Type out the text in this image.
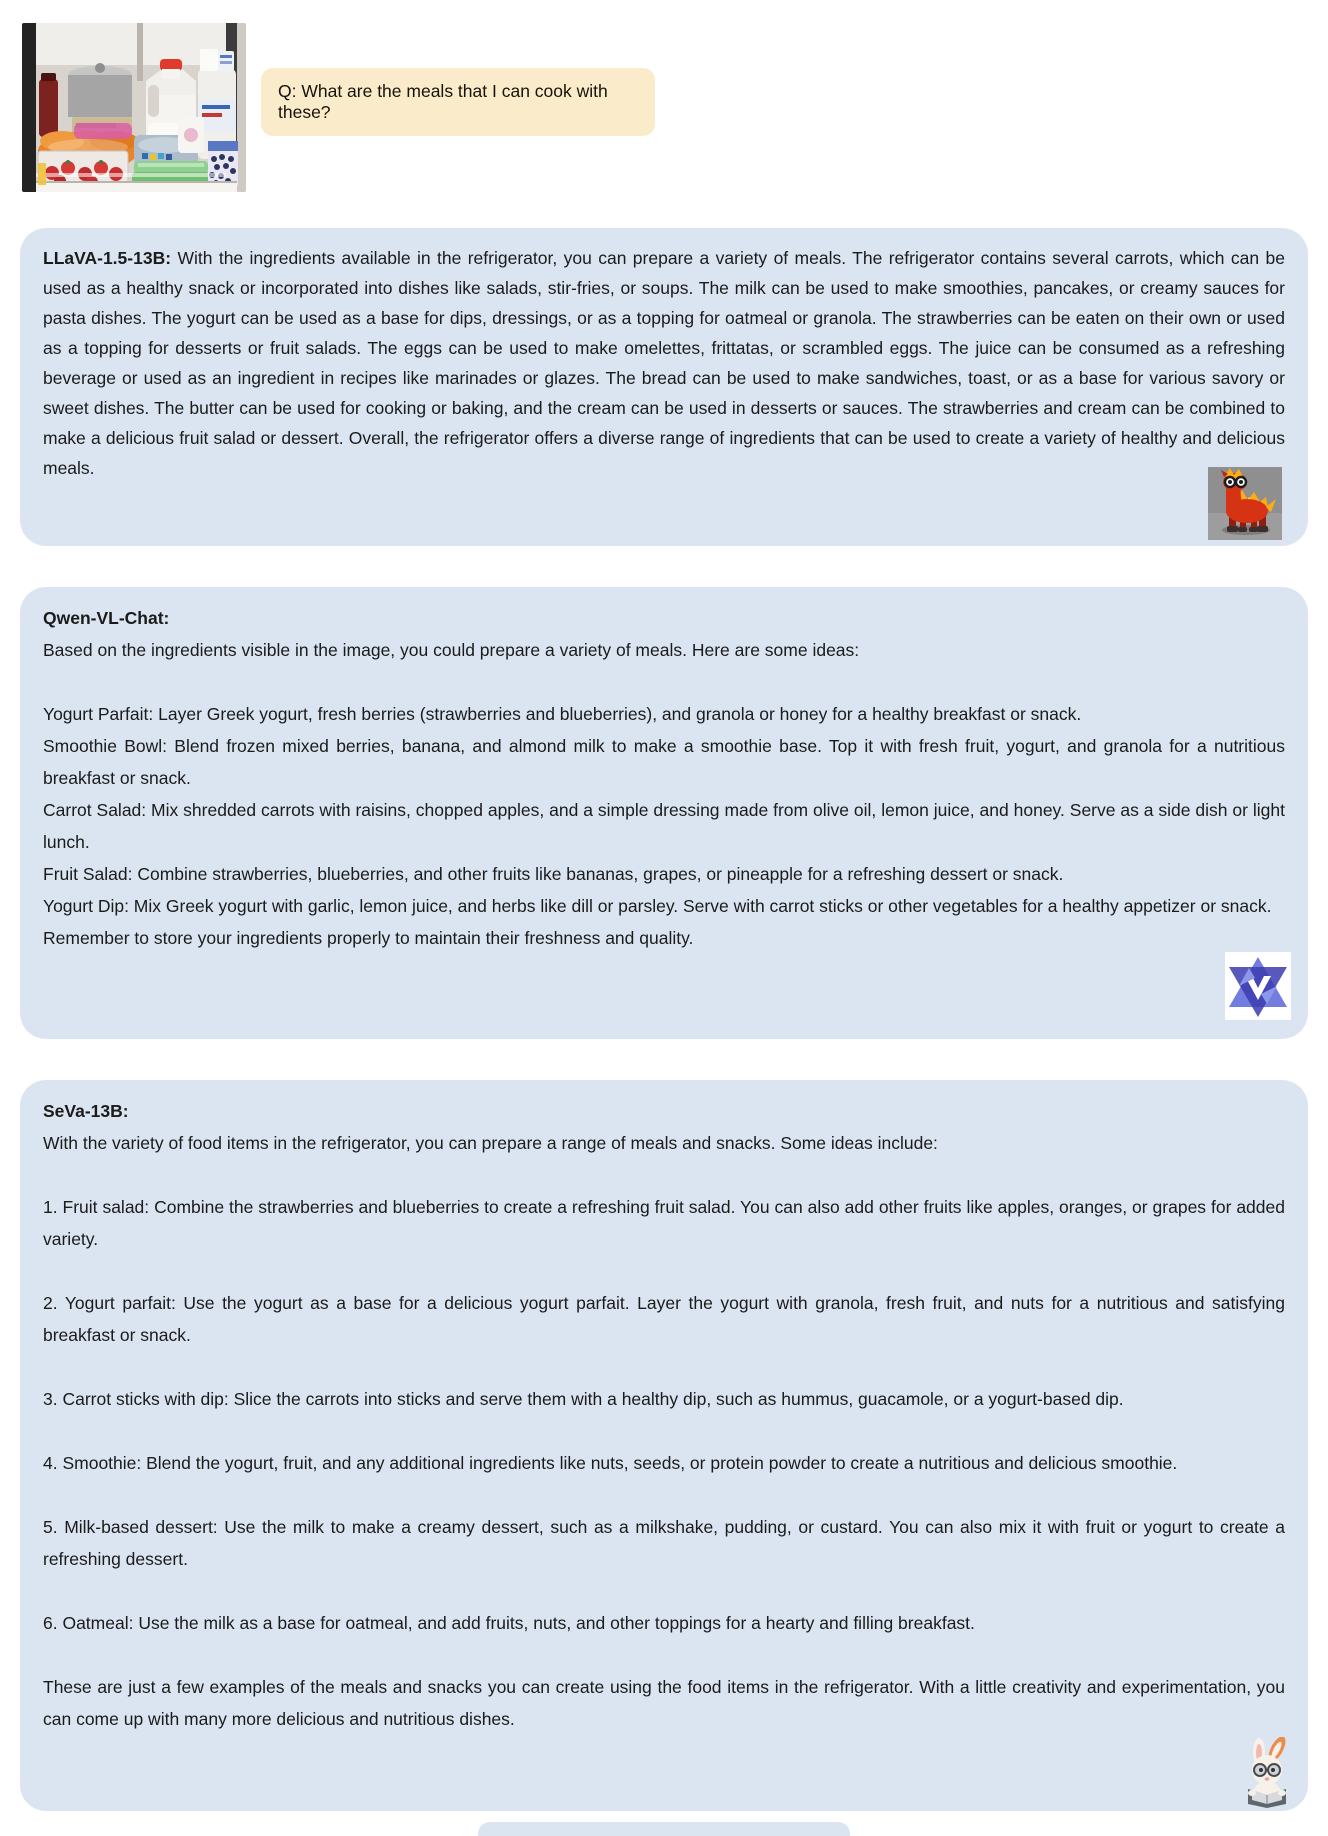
Q: What are the meals that I can cook with these?

LLaVA-1.5-13B: With the ingredients available in the refrigerator, you can prepare a variety of meals. The refrigerator contains several carrots, which can be used as a healthy snack or incorporated into dishes like salads, stir-fries, or soups. The milk can be used to make smoothies, pancakes, or creamy sauces for pasta dishes. The yogurt can be used as a base for dips, dressings, or as a topping for oatmeal or granola. The strawberries can be eaten on their own or used as a topping for desserts or fruit salads. The eggs can be used to make omelettes, frittatas, or scrambled eggs. The juice can be consumed as a refreshing beverage or used as an ingredient in recipes like marinades or glazes. The bread can be used to make sandwiches, toast, or as a base for various savory or sweet dishes. The butter can be used for cooking or baking, and the cream can be used in desserts or sauces. The strawberries and cream can be combined to make a delicious fruit salad or dessert. Overall, the refrigerator offers a diverse range of ingredients that can be used to create a variety of healthy and delicious meals.

Qwen-VL-Chat:

Based on the ingredients visible in the image, you could prepare a variety of meals. Here are some ideas:

Yogurt Parfait: Layer Greek yogurt, fresh berries (strawberries and blueberries), and granola or honey for a healthy breakfast or snack.

Smoothie Bowl: Blend frozen mixed berries, banana, and almond milk to make a smoothie base. Top it with fresh fruit, yogurt, and granola for a nutritious breakfast or snack.

Carrot Salad: Mix shredded carrots with raisins, chopped apples, and a simple dressing made from olive oil, lemon juice, and honey. Serve as a side dish or light lunch.

Fruit Salad: Combine strawberries, blueberries, and other fruits like bananas, grapes, or pineapple for a refreshing dessert or snack.

Yogurt Dip: Mix Greek yogurt with garlic, lemon juice, and herbs like dill or parsley. Serve with carrot sticks or other vegetables for a healthy appetizer or snack.

Remember to store your ingredients properly to maintain their freshness and quality.

SeVa-13B:

With the variety of food items in the refrigerator, you can prepare a range of meals and snacks. Some ideas include:

1. Fruit salad: Combine the strawberries and blueberries to create a refreshing fruit salad. You can also add other fruits like apples, oranges, or grapes for added variety.

2. Yogurt parfait: Use the yogurt as a base for a delicious yogurt parfait. Layer the yogurt with granola, fresh fruit, and nuts for a nutritious and satisfying breakfast or snack.

3. Carrot sticks with dip: Slice the carrots into sticks and serve them with a healthy dip, such as hummus, guacamole, or a yogurt-based dip.

4. Smoothie: Blend the yogurt, fruit, and any additional ingredients like nuts, seeds, or protein powder to create a nutritious and delicious smoothie.

5. Milk-based dessert: Use the milk to make a creamy dessert, such as a milkshake, pudding, or custard. You can also mix it with fruit or yogurt to create a refreshing dessert.

6. Oatmeal: Use the milk as a base for oatmeal, and add fruits, nuts, and other toppings for a hearty and filling breakfast.

These are just a few examples of the meals and snacks you can create using the food items in the refrigerator. With a little creativity and experimentation, you can come up with many more delicious and nutritious dishes.
